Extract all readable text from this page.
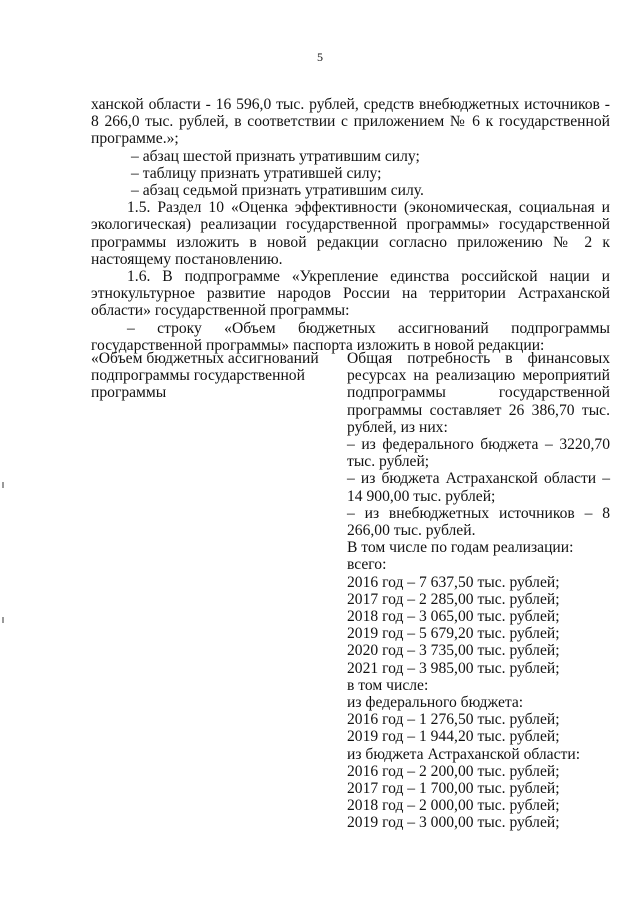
5

ханской области - 16 596,0 тыс. рублей, средств внебюджетных источников - 8 266,0 тыс. рублей, в соответствии с приложением № 6 к государственной программе.»;

– абзац шестой признать утратившим силу;

– таблицу признать утратившей силу;

– абзац седьмой признать утратившим силу.

1.5. Раздел 10 «Оценка эффективности (экономическая, социальная и экологическая) реализации государственной программы» государственной программы изложить в новой редакции согласно приложению № 2 к настоящему постановлению.

1.6. В подпрограмме «Укрепление единства российской нации и этнокультурное развитие народов России на территории Астраханской области» государственной программы:

– строку «Объем бюджетных ассигнований подпрограммы государственной программы» паспорта изложить в новой редакции:

«Объем бюджетных ассигнований подпрограммы государственной программы

Общая потребность в финансовых ресурсах на реализацию мероприятий подпрограммы государственной программы составляет 26 386,70 тыс. рублей, из них:
– из федерального бюджета – 3220,70 тыс. рублей;
– из бюджета Астраханской области – 14 900,00 тыс. рублей;
– из внебюджетных источников – 8 266,00 тыс. рублей.
В том числе по годам реализации:
всего:
2016 год – 7 637,50 тыс. рублей;
2017 год – 2 285,00 тыс. рублей;
2018 год – 3 065,00 тыс. рублей;
2019 год – 5 679,20 тыс. рублей;
2020 год – 3 735,00 тыс. рублей;
2021 год – 3 985,00 тыс. рублей;
в том числе:
из федерального бюджета:
2016 год – 1 276,50 тыс. рублей;
2019 год – 1 944,20 тыс. рублей;
из бюджета Астраханской области:
2016 год – 2 200,00 тыс. рублей;
2017 год – 1 700,00 тыс. рублей;
2018 год – 2 000,00 тыс. рублей;
2019 год – 3 000,00 тыс. рублей;
